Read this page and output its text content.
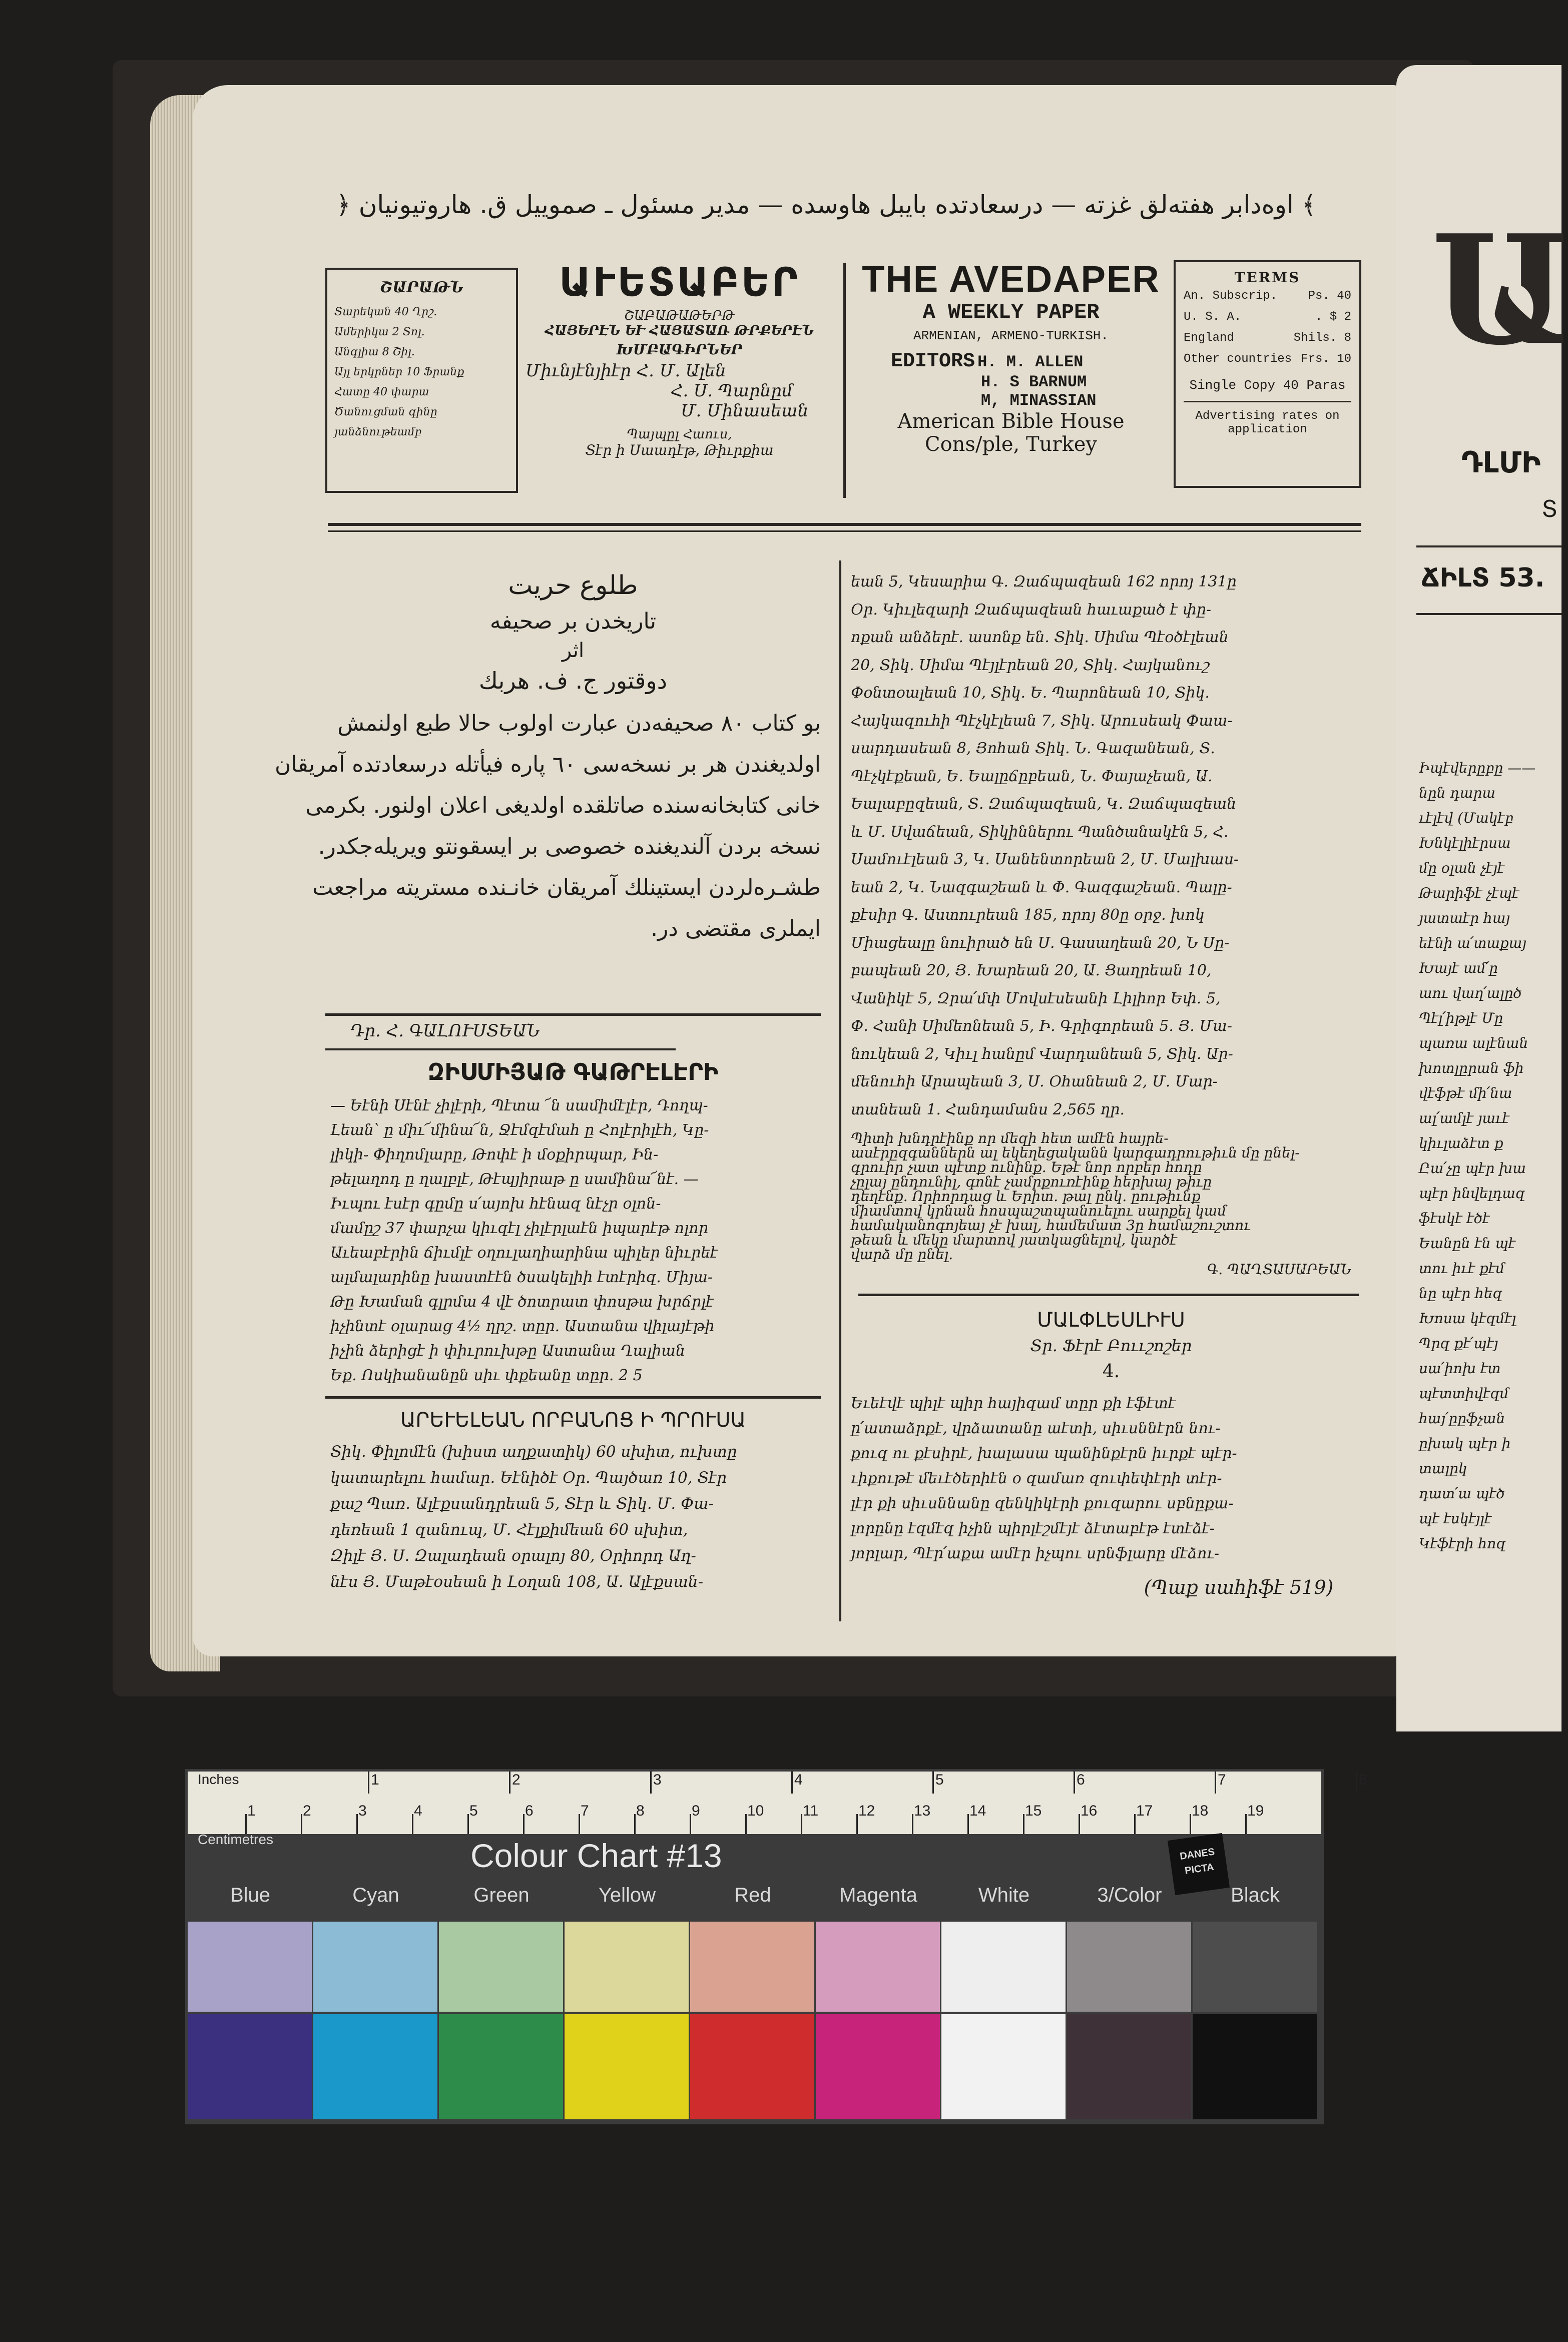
﴾ اوه‌دابر هفته‌لق غزته — درسعادتده بايبل هاوسده — مدير مسئول ـ صموييل ق. هاروتيونيان ﴿
ՇԱՐԱԹՆ
Տարեկան 40 Ղրշ.
Ամերիկա 2 Տոլ.
Անգլիա 8 Շիլ.
Այլ երկրներ 10 Ֆրանք
Հատը 40 փարա
Ծանուցման գինը
յանձնութեամբ
ԱՒԵՏԱԲԵՐ
ՇԱԲԱԹԱԹԵՐԹ
ՀԱՅԵՐԷՆ ԵՒ ՀԱՅԱՏԱՌ ԹՐՔԵՐԷՆ
ԽՄԲԱԳԻՐՆԵՐ
Միւնյէնյիէր Հ. Մ. Ալեն
Հ. Ս. Պարնըմ
Մ. Մինասեան
Պայպըլ Հաուս,
Տէր ի Սաադէթ, Թիւրքիա
THE AVEDAPER
A WEEKLY PAPER
ARMENIAN, ARMENO-TURKISH.
EDITORS H. M. ALLEN
H. S BARNUM
M, MINASSIAN
American Bible House
Cons/ple, Turkey
TERMS
An. Subscrip.	Ps. 40
U. S. A.	. $ 2
England	Shils. 8
Other countries Frs. 10
Single Copy 40 Paras
Advertising rates on application
طلوع حريت
تاريخدن بر صحيفه
اثر
دوقتور ج. ف. هربك
بو كتاب ٨٠ صحيفه‌دن عبارت اولوب حالا طبع اولنمش
اولديغندن هر بر نسخه‌سى ٦٠ پاره فيأتله درسعادتده آمريقان
خانى كتابخانه‌سنده صاتلقده اولديغى اعلان اولنور. بكرمى
نسخه بردن آلنديغنده خصوصى بر ايسقونتو ويريله‌جكدر.
طشـره‌لردن ايستينلك آمريقان خانـنده مستريته مراجعت
ايملرى مقتضى در.
Դր. Հ. ԳԱԼՈՒՍՏԵԱՆ
ԶԻՍՄԻՅԱԹ ԳԱԹՐԷԼԷՐԻ
— Եէնի Սէնէ չիլէրի, Պէտա ՜ն սամիմէլէր, Դողպ-
Լեան՝ ը միւ՜մինա՜ն, Ջէմզէմահ ը Հոլէրիլէհ, Կը-
լիկի֊ Փիղոմլարը, Թոփէ ի մօքիրպար, Ին-
թելաղոդ ը ղալբլէ, Թէպյիրաթ ը սամինա՜նէ. —
Իւպու էսէր գըմը ս՛այոխ հէնազ նէչր օլոն-
մամըշ 37 փարչա կիւզէլ չիլէրլաէն իպարէթ ոլոր
Աւեաբէրին ճիւմլէ օղուլաղիարինա պիլեր նիւրեէ
ալմալարինը խաստէէն ծսակելիի էտէրիզ. Միյա-
Թը Խաման գլրմա 4 վէ ծոտրատ փոսթա խրճրլէ
իչինտէ օլարաց 4½ ղրշ. տըր. Աստանա վիլայէթի
իչին ձերիցէ ի փիւրուխթը Աստանա Ղալիան
Եք. Ոսկիանանըն սիւ փքեանը տըր. 2 5
ԱՐԵՒԵԼԵԱՆ ՈՐԲԱՆՈՑ Ի ՊՐՈՒՍԱ
Տիկ. Փիլոմէն (խիստ աղքատիկ) 60 սխիտ, ուխտը
կատարելու համար. Եէնիծէ Օր. Պայծառ 10, Տէր
քաշ Պառ. Ալէքսանդրեան 5, Տէր և Տիկ. Մ. Փա-
դեռեան 1 զանուպ, Մ. Հէլքիմեան 60 սխիտ,
Զիլէ Յ. Ս. Զալադեան օրալոյ 80, Օրիորդ Աղ-
նէս Յ. Մաթէօսեան ի Լօղան 108, Ա. Ալէքսան-
եան 5, Կեսարիա Գ. Զաճպազեան 162 որոյ 131ը
Օր. Կիւլեզարի Զաճպազեան հաւաքած է փը-
ոքան անձերէ. ասոնք են. Տիկ. Սիմա Պէօծէլեան
20, Տիկ. Սիմա Պէյլէրեան 20, Տիկ. Հայկանուշ
Փօնտօալեան 10, Տիկ. Ե. Պարոնեան 10, Տիկ.
Հայկազուհի Պէչկէլեան 7, Տիկ. Արուսեակ Փաա-
սարդասեան 8, Յոհան Տիկ. Ն. Գազանեան, Տ.
Պէչկէքեան, Ե. Եալըճըբեան, Ն. Փայաչեան, Ա.
Եալաբըզեան, Տ. Զաճպազեան, Կ. Զաճպազեան
և Մ. Սվաճեան, Տիկիններու Պանծանակէն 5, Հ.
Սամուէլեան 3, Կ. Սանենտորեան 2, Մ. Մալխաս-
եան 2, Կ. Նազգաշեան և Փ. Գազգաշեան. Պալը-
քէսիր Գ. Աստուրեան 185, որոյ 80ը օրջ. խոկ
Միացեալը նուիրած են Ս. Գասաղեան 20, Ն Սը-
բապեան 20, Յ. Խարեան 20, Ա. Ցաղրեան 10,
Վանիկէ 5, Զրա՛մփ Մովսէսեանի Լիլիոր Եփ. 5,
Փ. Հանի Սիմեոնեան 5, Ի. Գրիգորեան 5. Յ. Մա-
նուկեան 2, Կիւլ հանըմ Վարդանեան 5, Տիկ. Ար-
մենուհի Արապեան 3, Ս. Օհանեան 2, Մ. Մար-
տանեան 1. Հանդամանս 2,565 ղր.
Պիտի խնդրէինք որ մեզի հետ ամէն հայրե-
ասէրըզգաններն ալ եկեղեցականն կարգադրութիւն մը ընել-
գրուիր չատ պէտք ունինք. Եթէ նոր որբեր հոդը
չըլայ ընդունիլ, գոնէ չամրքուռէինք հերխայ թիւը
դեղէնք. Որիորդաց և Երիտ. թալ ընկ. ըութիւնք
միամտով կրնան հոսպաշտպանուելու սարքել կամ
համականոգոյեայ չէ խալ, համեմատ 3ը համաշուշտու
թեան և մեկը մարտով յատկացնելով, կարծէ
վարձ մը ընել.
Գ. ՊԱՂՏԱՍԱՐԵԱՆ
ՄԱԼՓԼԵՍԼԻՒՍ
Տր. Ֆէրէ Բոււշոշեր
4.
Եւեէվէ պիլէ պիր հայիզամ տըր քի էֆէտէ
ը՛ատաձրքէ, վրձատանը աէտի, սիւսննէրն նու-
քուզ ու քէսիրէ, խալասա պանինքէրն իւրքէ պէր-
ւիքութէ մեւէծերիէն օ զամառ զուփեփէրի տէր-
լէր քի սիւսննանը զենկիկէրի քուզարու սբնըքա-
լորընը էզմէզ իչին պիրլէշմէյէ ձէտաբէթ էտէձէ-
յորլար, Պէր՛աքա ամէր իչպու սրնֆլարը մէձու-
(Պաք սահիֆէ 519)
Ա
ԴԼՄԻ
Տ
ՃԻԼՏ 53.
Իպէվերըբը ——
նըն դարա
ւէլէվ (Մակէբ
Խնկէլիէրսա
մը օլան չէյէ
Թարիֆէ չէպէ
յատաէր հայ
եէնի ա՛տաքայ
Խայէ ամ՛ը
աու վաղ՛ալըծ
Պէլ՛իթլէ Մը
պառա ալէնան
խոտլըրան ֆի
վէֆթէ մի՛նա
ալ՛ամլէ յաւէ
կիւլաձէտ ք
Ըա՛չը պէր խա
պէր ինվելդազ
ֆէսկէ էծէ
Եանըն էն պէ
տու իւէ քէմ
նը պէր հեզ
Խոսա կէզմէլ
Պրզ քէ՛պէյ
սա՛իոխ էտ
պէտտիվէզմ
հայ՛ըըֆչան
ըխակ պէր ի
տալըկ
դատ՛ա պէծ
պէ էսկէյլէ
Կէֆէրի հոզ
Inches	1	2	3	4	5	6	7	8
1	2	3	4	5	6	7	8	9	10	11	12	13	14	15	16	17	18	19
Centimetres	Colour Chart #13	DANES PICTA
Blue	Cyan	Green	Yellow	Red	Magenta	White	3/Color	Black
